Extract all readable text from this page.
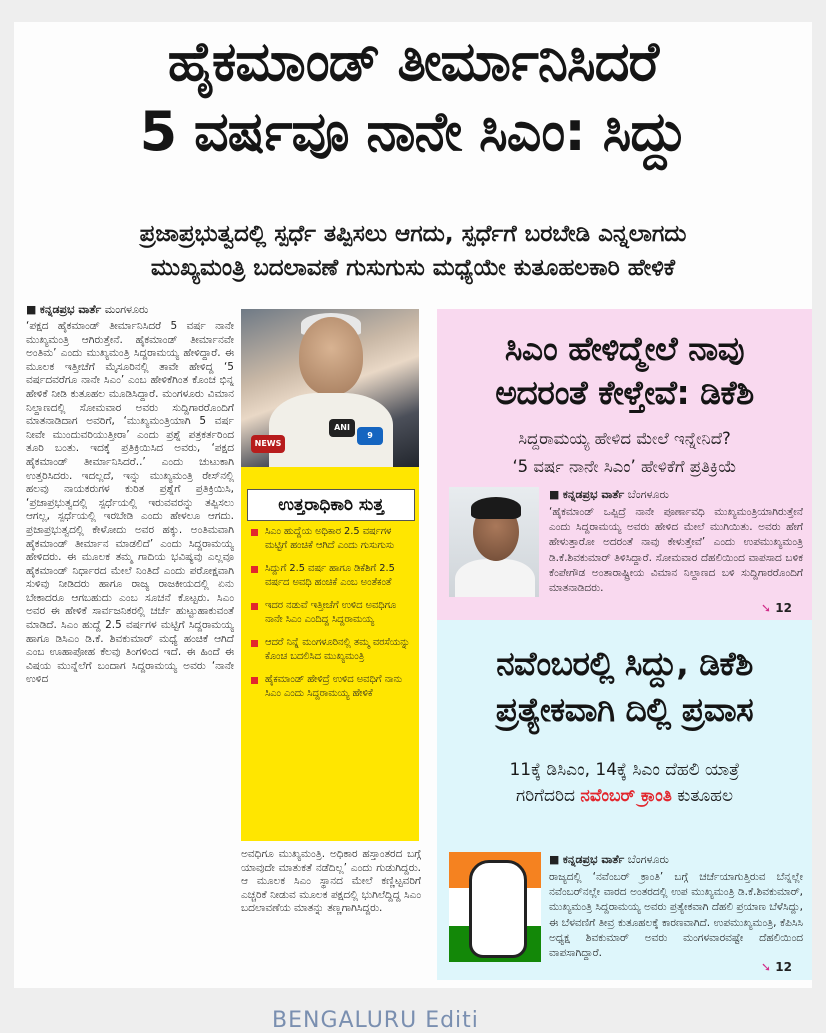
ಹೈಕಮಾಂಡ್ ತೀರ್ಮಾನಿಸಿದರೆ
5 ವರ್ಷವೂ ನಾನೇ ಸಿಎಂ: ಸಿದ್ದು
ಪ್ರಜಾಪ್ರಭುತ್ವದಲ್ಲಿ ಸ್ಪರ್ಧೆ ತಪ್ಪಿಸಲು ಆಗದು, ಸ್ಪರ್ಧೆಗೆ ಬರಬೇಡಿ ಎನ್ನಲಾಗದು
ಮುಖ್ಯಮಂತ್ರಿ ಬದಲಾವಣೆ ಗುಸುಗುಸು ಮಧ್ಯೆಯೇ ಕುತೂಹಲಕಾರಿ ಹೇಳಿಕೆ
■ ಕನ್ನಡಪ್ರಭ ವಾರ್ತೆ ಮಂಗಳೂರು
‘ಪಕ್ಷದ ಹೈಕಮಾಂಡ್ ತೀರ್ಮಾನಿಸಿದರೆ 5 ವರ್ಷ ನಾನೇ ಮುಖ್ಯಮಂತ್ರಿ ಆಗಿರುತ್ತೇನೆ. ಹೈಕಮಾಂಡ್ ತೀರ್ಮಾನವೇ ಅಂತಿಮ’ ಎಂದು ಮುಖ್ಯಮಂತ್ರಿ ಸಿದ್ದರಾಮಯ್ಯ ಹೇಳಿದ್ದಾರೆ. ಈ ಮೂಲಕ ಇತ್ತೀಚೆಗೆ ಮೈಸೂರಿನಲ್ಲಿ ತಾವೇ ಹೇಳಿದ್ದ ‘5 ವರ್ಷದವರೆಗೂ ನಾನೇ ಸಿಎಂ’ ಎಂಬ ಹೇಳಿಕೆಗಿಂತ ಕೊಂಚ ಭಿನ್ನ ಹೇಳಿಕೆ ನೀಡಿ ಕುತೂಹಲ ಮೂಡಿಸಿದ್ದಾರೆ. ಮಂಗಳೂರು ವಿಮಾನ ನಿಲ್ದಾಣದಲ್ಲಿ ಸೋಮವಾರ ಅವರು ಸುದ್ದಿಗಾರರೊಂದಿಗೆ ಮಾತನಾಡಿದಾಗ ಅವರಿಗೆ, ‘ಮುಖ್ಯಮಂತ್ರಿಯಾಗಿ 5 ವರ್ಷ ನೀವೇ ಮುಂದುವರಿಯುತ್ತೀರಾ’ ಎಂದು ಪ್ರಶ್ನೆ ಪತ್ರಕರ್ತರಿಂದ ತೂರಿ ಬಂತು. ಇದಕ್ಕೆ ಪ್ರತಿಕ್ರಿಯಿಸಿದ ಅವರು, ‘ಪಕ್ಷದ ಹೈಕಮಾಂಡ್ ತೀರ್ಮಾನಿಸಿದರೆ..’ ಎಂದು ಚುಟುಕಾಗಿ ಉತ್ತರಿಸಿದರು. ಇದಲ್ಲದೆ, ಇನ್ನು ಮುಖ್ಯಮಂತ್ರಿ ರೇಸ್‌ನಲ್ಲಿ ಹಲವು ನಾಯಕರುಗಳ ಕುರಿತ ಪ್ರಶ್ನೆಗೆ ಪ್ರತಿಕ್ರಿಯಿಸಿ, ‘ಪ್ರಜಾಪ್ರಭುತ್ವದಲ್ಲಿ ಸ್ಪರ್ಧೆಯಲ್ಲಿ ಇರುವವರನ್ನು ತಪ್ಪಿಸಲು ಆಗಲ್ಲ, ಸ್ಪರ್ಧೆಯಲ್ಲಿ ಇರಬೇಡಿ ಎಂದು ಹೇಳಲೂ ಆಗದು. ಪ್ರಜಾಪ್ರಭುತ್ವದಲ್ಲಿ ಕೇಳೋದು ಅವರ ಹಕ್ಕು. ಅಂತಿಮವಾಗಿ ಹೈಕಮಾಂಡ್ ತೀರ್ಮಾನ ಮಾಡಲಿದೆ’ ಎಂದು ಸಿದ್ದರಾಮಯ್ಯ ಹೇಳಿದರು. ಈ ಮೂಲಕ ತಮ್ಮ ಗಾದಿಯ ಭವಿಷ್ಯವು ಎಲ್ಲವೂ ಹೈಕಮಾಂಡ್ ನಿರ್ಧಾರದ ಮೇಲೆ ನಿಂತಿದೆ ಎಂದು ಪರೋಕ್ಷವಾಗಿ ಸುಳಿವು ನೀಡಿದರು ಹಾಗೂ ರಾಜ್ಯ ರಾಜಕೀಯದಲ್ಲಿ ಏನು ಬೇಕಾದರೂ ಆಗಬಹುದು ಎಂಬ ಸೂಚನೆ ಕೊಟ್ಟರು. ಸಿಎಂ ಅವರ ಈ ಹೇಳಿಕೆ ಸಾರ್ವಜನಿಕರಲ್ಲಿ ಚರ್ಚೆ ಹುಟ್ಟುಹಾಕುವಂತೆ ಮಾಡಿದೆ. ಸಿಎಂ ಹುದ್ದೆ 2.5 ವರ್ಷಗಳ ಮಟ್ಟಿಗೆ ಸಿದ್ದರಾಮಯ್ಯ ಹಾಗೂ ಡಿಸಿಎಂ ಡಿ.ಕೆ. ಶಿವಕುಮಾರ್ ಮಧ್ಯೆ ಹಂಚಿಕೆ ಆಗಿದೆ ಎಂಬ ಊಹಾಪೋಹ ಕೆಲವು ತಿಂಗಳಿಂದ ಇದೆ. ಈ ಹಿಂದೆ ಈ ವಿಷಯ ಮುನ್ನೆಲೆಗೆ ಬಂದಾಗ ಸಿದ್ದರಾಮಯ್ಯ ಅವರು ‘ನಾನೇ ಉಳಿದ
ANI
9
NEWS
ಉತ್ತರಾಧಿಕಾರಿ ಸುತ್ತ
ಸಿಎಂ ಹುದ್ದೆಯ ಅಧಿಕಾರ 2.5 ವರ್ಷಗಳ ಮಟ್ಟಿಗೆ ಹಂಚಿಕೆ ಆಗಿದೆ ಎಂದು ಗುಸುಗುಸು
ಸಿದ್ದುಗೆ 2.5 ವರ್ಷ ಹಾಗೂ ಡಿಕೆಶಿಗೆ 2.5 ವರ್ಷದ ಅವಧಿ ಹಂಚಿಕೆ ಎಂಬ ಅಂತೆಕಂತೆ
ಇದರ ನಡುವೆ ಇತ್ತೀಚೆಗೆ ಉಳಿದ ಅವಧಿಗೂ ನಾನೇ ಸಿಎಂ ಎಂದಿದ್ದ ಸಿದ್ದರಾಮಯ್ಯ
ಆದರೆ ನಿನ್ನೆ ಮಂಗಳೂರಿನಲ್ಲಿ ತಮ್ಮ ವರಸೆಯನ್ನು ಕೊಂಚ ಬದಲಿಸಿದ ಮುಖ್ಯಮಂತ್ರಿ
ಹೈಕಮಾಂಡ್ ಹೇಳಿದ್ರೆ ಉಳಿದ ಅವಧಿಗೆ ನಾನು ಸಿಎಂ ಎಂದು ಸಿದ್ದರಾಮಯ್ಯ ಹೇಳಿಕೆ
ಅವಧಿಗೂ ಮುಖ್ಯಮಂತ್ರಿ. ಅಧಿಕಾರ ಹಸ್ತಾಂತರದ ಬಗ್ಗೆ ಯಾವುದೇ ಮಾತುಕತೆ ನಡೆದಿಲ್ಲ’ ಎಂದು ಗುಡುಗಿದ್ದರು. ಆ ಮೂಲಕ ಸಿಎಂ ಸ್ಥಾನದ ಮೇಲೆ ಕಣ್ಣಿಟ್ಟವರಿಗೆ ಎಚ್ಚರಿಕೆ ನೀಡುವ ಮೂಲಕ ಪಕ್ಷದಲ್ಲಿ ಭುಗಿಲೆದ್ದಿದ್ದ ಸಿಎಂ ಬದಲಾವಣೆಯ ಮಾತನ್ನು ತಣ್ಣಗಾಗಿಸಿದ್ದರು.
ಸಿಎಂ ಹೇಳಿದ್ಮೇಲೆ ನಾವು
ಅದರಂತೆ ಕೇಳ್ತೇವೆ: ಡಿಕೆಶಿ
ಸಿದ್ದರಾಮಯ್ಯ ಹೇಳಿದ ಮೇಲೆ ಇನ್ನೇನಿದೆ?
‘5 ವರ್ಷ ನಾನೇ ಸಿಎಂ’ ಹೇಳಿಕೆಗೆ ಪ್ರತಿಕ್ರಿಯೆ
■ ಕನ್ನಡಪ್ರಭ ವಾರ್ತೆ ಬೆಂಗಳೂರು
‘ಹೈಕಮಾಂಡ್ ಒಪ್ಪಿದ್ರೆ ನಾನೇ ಪೂರ್ಣಾವಧಿ ಮುಖ್ಯಮಂತ್ರಿಯಾಗಿರುತ್ತೇನೆ ಎಂದು ಸಿದ್ದರಾಮಯ್ಯ ಅವರು ಹೇಳಿದ ಮೇಲೆ ಮುಗಿಯಿತು. ಅವರು ಹೇಗೆ ಹೇಳುತ್ತಾರೋ ಅದರಂತೆ ನಾವು ಕೇಳುತ್ತೇವೆ’ ಎಂದು ಉಪಮುಖ್ಯಮಂತ್ರಿ ಡಿ.ಕೆ.ಶಿವಕುಮಾರ್ ತಿಳಿಸಿದ್ದಾರೆ. ಸೋಮವಾರ ದೆಹಲಿಯಿಂದ ವಾಪಸಾದ ಬಳಿಕ ಕೆಂಪೇಗೌಡ ಅಂತಾರಾಷ್ಟ್ರೀಯ ವಿಮಾನ ನಿಲ್ದಾಣದ ಬಳಿ ಸುದ್ದಿಗಾರರೊಂದಿಗೆ ಮಾತನಾಡಿದರು.
➘ 12
ನವೆಂಬರಲ್ಲಿ ಸಿದ್ದು, ಡಿಕೆಶಿ
ಪ್ರತ್ಯೇಕವಾಗಿ ದಿಲ್ಲಿ ಪ್ರವಾಸ
11ಕ್ಕೆ ಡಿಸಿಎಂ, 14ಕ್ಕೆ ಸಿಎಂ ದೆಹಲಿ ಯಾತ್ರೆ
ಗರಿಗೆದರಿದ ನವೆಂಬರ್ ಕ್ರಾಂತಿ ಕುತೂಹಲ
■ ಕನ್ನಡಪ್ರಭ ವಾರ್ತೆ ಬೆಂಗಳೂರು
ರಾಜ್ಯದಲ್ಲಿ ‘ನವೆಂಬರ್ ಕ್ರಾಂತಿ’ ಬಗ್ಗೆ ಚರ್ಚೆಯಾಗುತ್ತಿರುವ ಬೆನ್ನಲ್ಲೇ ನವೆಂಬರ್‌ನಲ್ಲೇ ವಾರದ ಅಂತರದಲ್ಲಿ ಉಪ ಮುಖ್ಯಮಂತ್ರಿ ಡಿ.ಕೆ.ಶಿವಕುಮಾರ್, ಮುಖ್ಯಮಂತ್ರಿ ಸಿದ್ದರಾಮಯ್ಯ ಅವರು ಪ್ರತ್ಯೇಕವಾಗಿ ದೆಹಲಿ ಪ್ರಯಾಣ ಬೆಳೆಸಿದ್ದು, ಈ ಬೆಳವಣಿಗೆ ತೀವ್ರ ಕುತೂಹಲಕ್ಕೆ ಕಾರಣವಾಗಿದೆ. ಉಪಮುಖ್ಯಮಂತ್ರಿ, ಕೆಪಿಸಿಸಿ ಅಧ್ಯಕ್ಷ ಶಿವಕುಮಾರ್ ಅವರು ಮಂಗಳವಾರವಷ್ಟೇ ದೆಹಲಿಯಿಂದ ವಾಪಸಾಗಿದ್ದಾರೆ.
➘ 12
BENGALURU Editi
